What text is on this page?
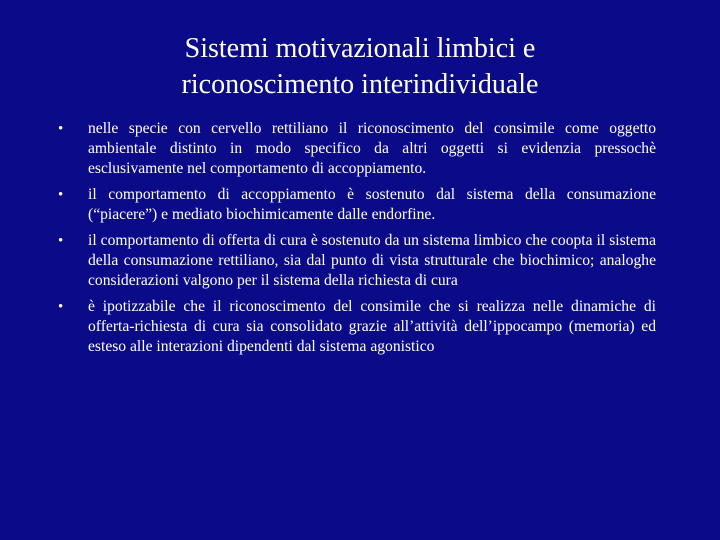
Sistemi motivazionali limbici e
riconoscimento interindividuale
• nelle specie con cervello rettiliano il riconoscimento del consimile come oggetto ambientale distinto in modo specifico da altri oggetti si evidenzia pressochè esclusivamente nel comportamento di accoppiamento.
• il comportamento di accoppiamento è sostenuto dal sistema della consumazione (“piacere”) e mediato biochimicamente dalle endorfine.
• il comportamento di offerta di cura è sostenuto da un sistema limbico che coopta il sistema della consumazione rettiliano, sia dal punto di vista strutturale che biochimico; analoghe considerazioni valgono per il sistema della richiesta di cura
• è ipotizzabile che il riconoscimento del consimile che si realizza nelle dinamiche di offerta-richiesta di cura sia consolidato grazie all’attività dell’ippocampo (memoria) ed esteso alle interazioni dipendenti dal sistema agonistico
